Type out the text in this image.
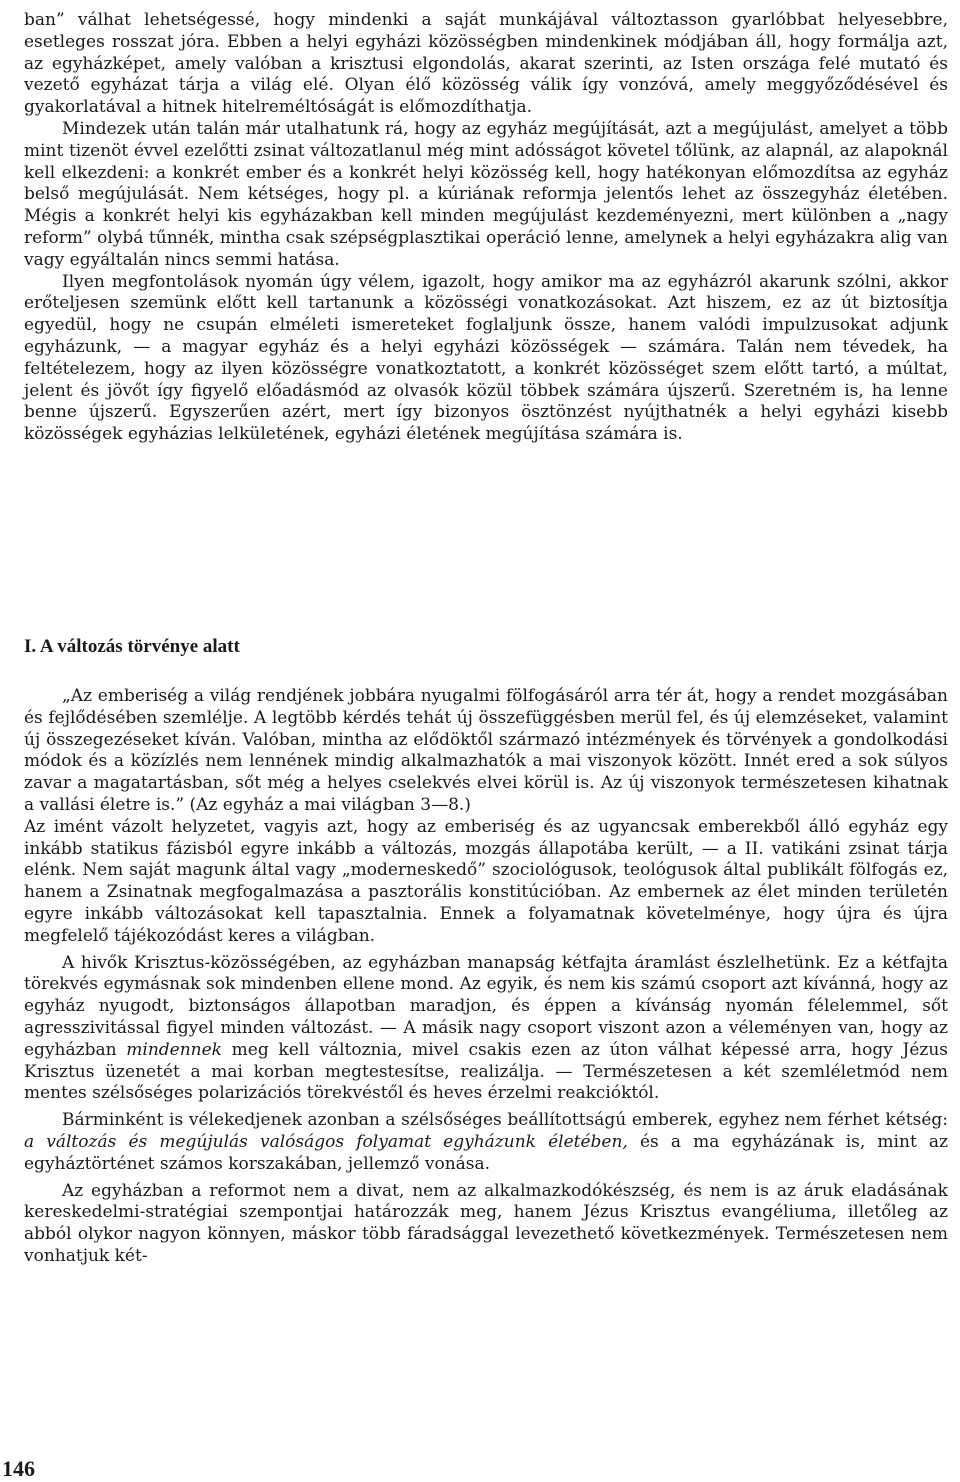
ban” válhat lehetségessé, hogy mindenki a saját munkájával változtasson gyarlóbbat helyesebbre, esetleges rosszat jóra. Ebben a helyi egyházi közösségben mindenkinek módjában áll, hogy formálja azt, az egyházképet, amely valóban a krisztusi elgondolás, akarat szerinti, az Isten országa felé mutató és vezető egyházat tárja a világ elé. Olyan élő közösség válik így vonzóvá, amely meggyőződésével és gyakorlatával a hitnek hitelreméltóságát is előmozdíthatja.

Mindezek után talán már utalhatunk rá, hogy az egyház megújítását, azt a megújulást, amelyet a több mint tizenöt évvel ezelőtti zsinat változatlanul még mint adósságot követel tőlünk, az alapnál, az alapoknál kell elkezdeni: a konkrét ember és a konkrét helyi közösség kell, hogy hatékonyan előmozdítsa az egyház belső megújulását. Nem kétséges, hogy pl. a kúriának reformja jelentős lehet az összegyház életében. Mégis a konkrét helyi kis egyházakban kell minden megújulást kezdeményezni, mert különben a „nagy reform” olybá tűnnék, mintha csak szépségplasztikai operáció lenne, amelynek a helyi egyházakra alig van vagy egyáltalán nincs semmi hatása.

Ilyen megfontolások nyomán úgy vélem, igazolt, hogy amikor ma az egyházról akarunk szólni, akkor erőteljesen szemünk előtt kell tartanunk a közösségi vonatkozásokat. Azt hiszem, ez az út biztosítja egyedül, hogy ne csupán elméleti ismereteket foglaljunk össze, hanem valódi impulzusokat adjunk egyházunk, — a magyar egyház és a helyi egyházi közösségek — számára. Talán nem tévedek, ha feltételezem, hogy az ilyen közösségre vonatkoztatott, a konkrét közösséget szem előtt tartó, a múltat, jelent és jövőt így figyelő előadásmód az olvasók közül többek számára újszerű. Szeretném is, ha lenne benne újszerű. Egyszerűen azért, mert így bizonyos ösztönzést nyújthatnék a helyi egyházi kisebb közösségek egyházias lelkületének, egyházi életének megújítása számára is.

I. A változás törvénye alatt

„Az emberiség a világ rendjének jobbára nyugalmi fölfogásáról arra tér át, hogy a rendet mozgásában és fejlődésében szemlélje. A legtöbb kérdés tehát új összefüggésben merül fel, és új elemzéseket, valamint új összegezéseket kíván. Valóban, mintha az elődöktől származó intézmények és törvények a gondolkodási módok és a közízlés nem lennének mindig alkalmazhatók a mai viszonyok között. Innét ered a sok súlyos zavar a magatartásban, sőt még a helyes cselekvés elvei körül is. Az új viszonyok természetesen kihatnak a vallási életre is.” (Az egyház a mai világban 3—8.)

Az imént vázolt helyzetet, vagyis azt, hogy az emberiség és az ugyancsak emberekből álló egyház egy inkább statikus fázisból egyre inkább a változás, mozgás állapotába került, — a II. vatikáni zsinat tárja elénk. Nem saját magunk által vagy „moderneskedő” szociológusok, teológusok által publikált fölfogás ez, hanem a Zsinatnak megfogalmazása a pasztorális konstitúcióban. Az embernek az élet minden területén egyre inkább változásokat kell tapasztalnia. Ennek a folyamatnak követelménye, hogy újra és újra megfelelő tájékozódást keres a világban.

A hivők Krisztus-közösségében, az egyházban manapság kétfajta áramlást észlelhetünk. Ez a kétfajta törekvés egymásnak sok mindenben ellene mond. Az egyik, és nem kis számú csoport azt kívánná, hogy az egyház nyugodt, biztonságos állapotban maradjon, és éppen a kívánság nyomán félelemmel, sőt agresszivitással figyel minden változást. — A másik nagy csoport viszont azon a véleményen van, hogy az egyházban mindennek meg kell változnia, mivel csakis ezen az úton válhat képessé arra, hogy Jézus Krisztus üzenetét a mai korban megtestesítse, realizálja. — Természetesen a két szemléletmód nem mentes szélsőséges polarizációs törekvéstől és heves érzelmi reakcióktól.

Bárminként is vélekedjenek azonban a szélsőséges beállítottságú emberek, egyhez nem férhet kétség: a változás és megújulás valóságos folyamat egyházunk életében, és a ma egyházának is, mint az egyháztörténet számos korszakában, jellemző vonása.

Az egyházban a reformot nem a divat, nem az alkalmazkodókészség, és nem is az áruk eladásának kereskedelmi-stratégiai szempontjai határozzák meg, hanem Jézus Krisztus evangéliuma, illetőleg az abból olykor nagyon könnyen, máskor több fáradsággal levezethető következmények. Természetesen nem vonhatjuk két-

146
